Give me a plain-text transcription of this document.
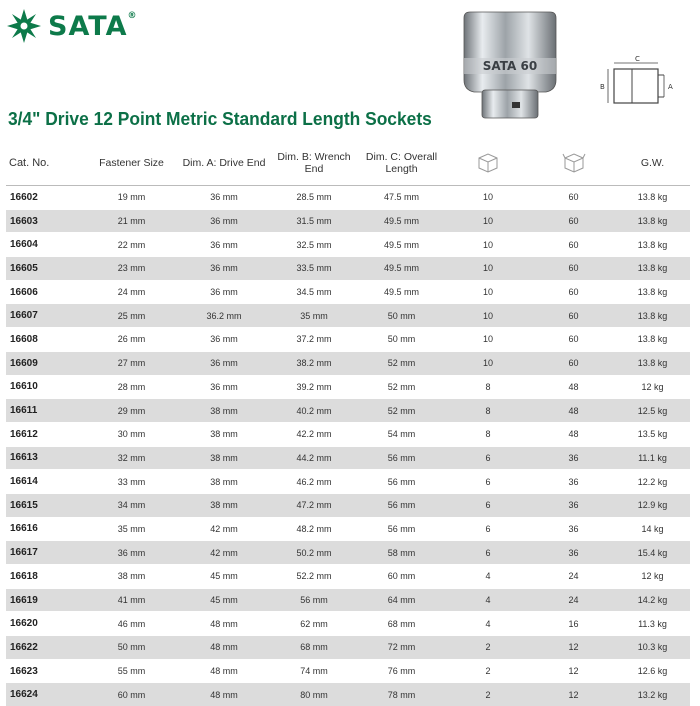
SATA®
SATA 60	C
B	A
3/4" Drive 12 Point Metric Standard Length Sockets
Cat. No.	Fastener Size	Dim. A: Drive End	Dim. B: Wrench End	Dim. C: Overall Length			G.W.
16602	19 mm	36 mm	28.5 mm	47.5 mm	10	60	13.8 kg
16603	21 mm	36 mm	31.5 mm	49.5 mm	10	60	13.8 kg
16604	22 mm	36 mm	32.5 mm	49.5 mm	10	60	13.8 kg
16605	23 mm	36 mm	33.5 mm	49.5 mm	10	60	13.8 kg
16606	24 mm	36 mm	34.5 mm	49.5 mm	10	60	13.8 kg
16607	25 mm	36.2 mm	35 mm	50 mm	10	60	13.8 kg
16608	26 mm	36 mm	37.2 mm	50 mm	10	60	13.8 kg
16609	27 mm	36 mm	38.2 mm	52 mm	10	60	13.8 kg
16610	28 mm	36 mm	39.2 mm	52 mm	8	48	12 kg
16611	29 mm	38 mm	40.2 mm	52 mm	8	48	12.5 kg
16612	30 mm	38 mm	42.2 mm	54 mm	8	48	13.5 kg
16613	32 mm	38 mm	44.2 mm	56 mm	6	36	11.1 kg
16614	33 mm	38 mm	46.2 mm	56 mm	6	36	12.2 kg
16615	34 mm	38 mm	47.2 mm	56 mm	6	36	12.9 kg
16616	35 mm	42 mm	48.2 mm	56 mm	6	36	14 kg
16617	36 mm	42 mm	50.2 mm	58 mm	6	36	15.4 kg
16618	38 mm	45 mm	52.2 mm	60 mm	4	24	12 kg
16619	41 mm	45 mm	56 mm	64 mm	4	24	14.2 kg
16620	46 mm	48 mm	62 mm	68 mm	4	16	11.3 kg
16622	50 mm	48 mm	68 mm	72 mm	2	12	10.3 kg
16623	55 mm	48 mm	74 mm	76 mm	2	12	12.6 kg
16624	60 mm	48 mm	80 mm	78 mm	2	12	13.2 kg
